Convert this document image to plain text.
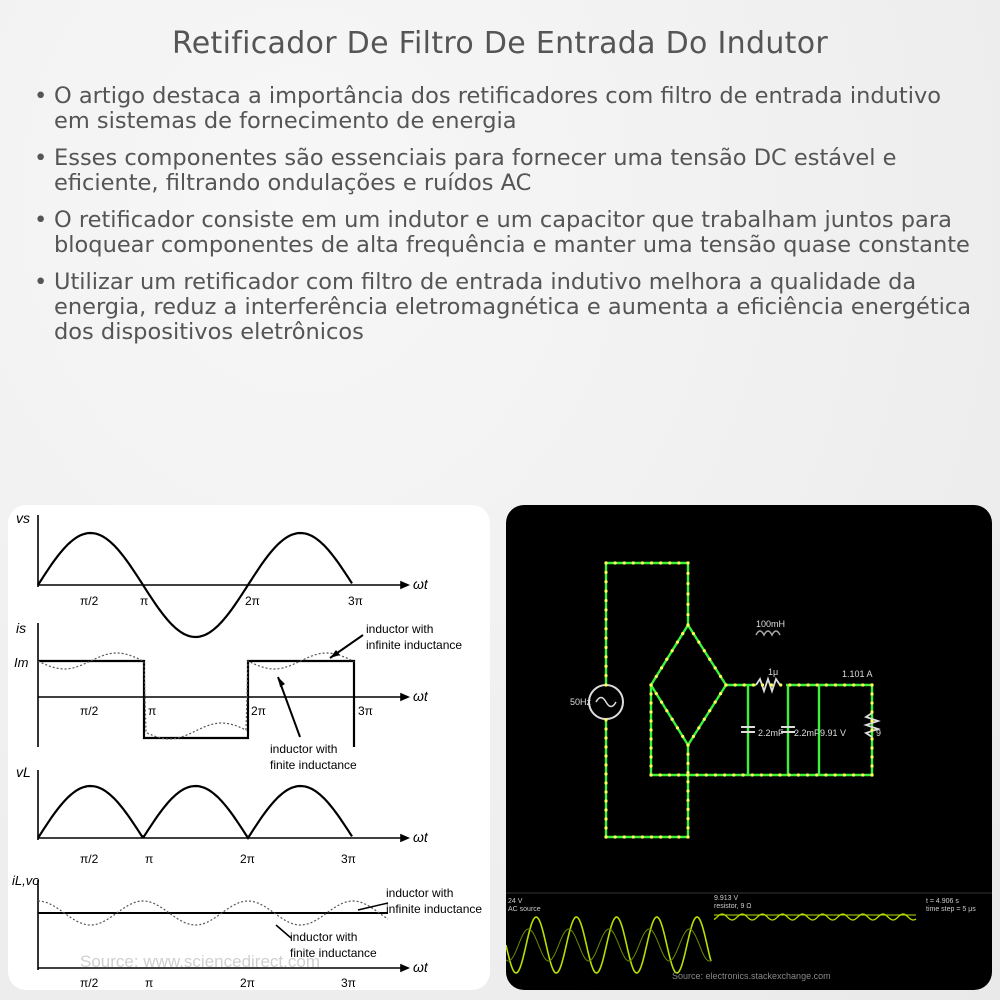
Retificador De Filtro De Entrada Do Indutor
• O artigo destaca a importância dos retificadores com filtro de entrada indutivo em sistemas de fornecimento de energia
• Esses componentes são essenciais para fornecer uma tensão DC estável e eficiente, filtrando ondulações e ruídos AC
• O retificador consiste em um indutor e um capacitor que trabalham juntos para bloquear componentes de alta frequência e manter uma tensão quase constante
• Utilizar um retificador com filtro de entrada indutivo melhora a qualidade da energia, reduz a interferência eletromagnética e aumenta a eficiência energética dos dispositivos eletrônicos
vs
is
Im
vL
iL,vo
ωt
ωt
ωt
ωt
π/2	π	2π	3π
π/2	π	2π	3π
π/2	π	2π	3π
π/2	π	2π	3π
inductor with
infinite inductance
inductor with
finite inductance
inductor with
infinite inductance
inductor with
finite inductance
Source: www.sciencedirect.com
50Hz
100mH
1μ	1.101 A
2.2mF 2.2mF 9.91 V	9
24 V
AC source
9.913 V
resistor, 9 Ω
t = 4.906 s
time step = 5 μs
Source: electronics.stackexchange.com
